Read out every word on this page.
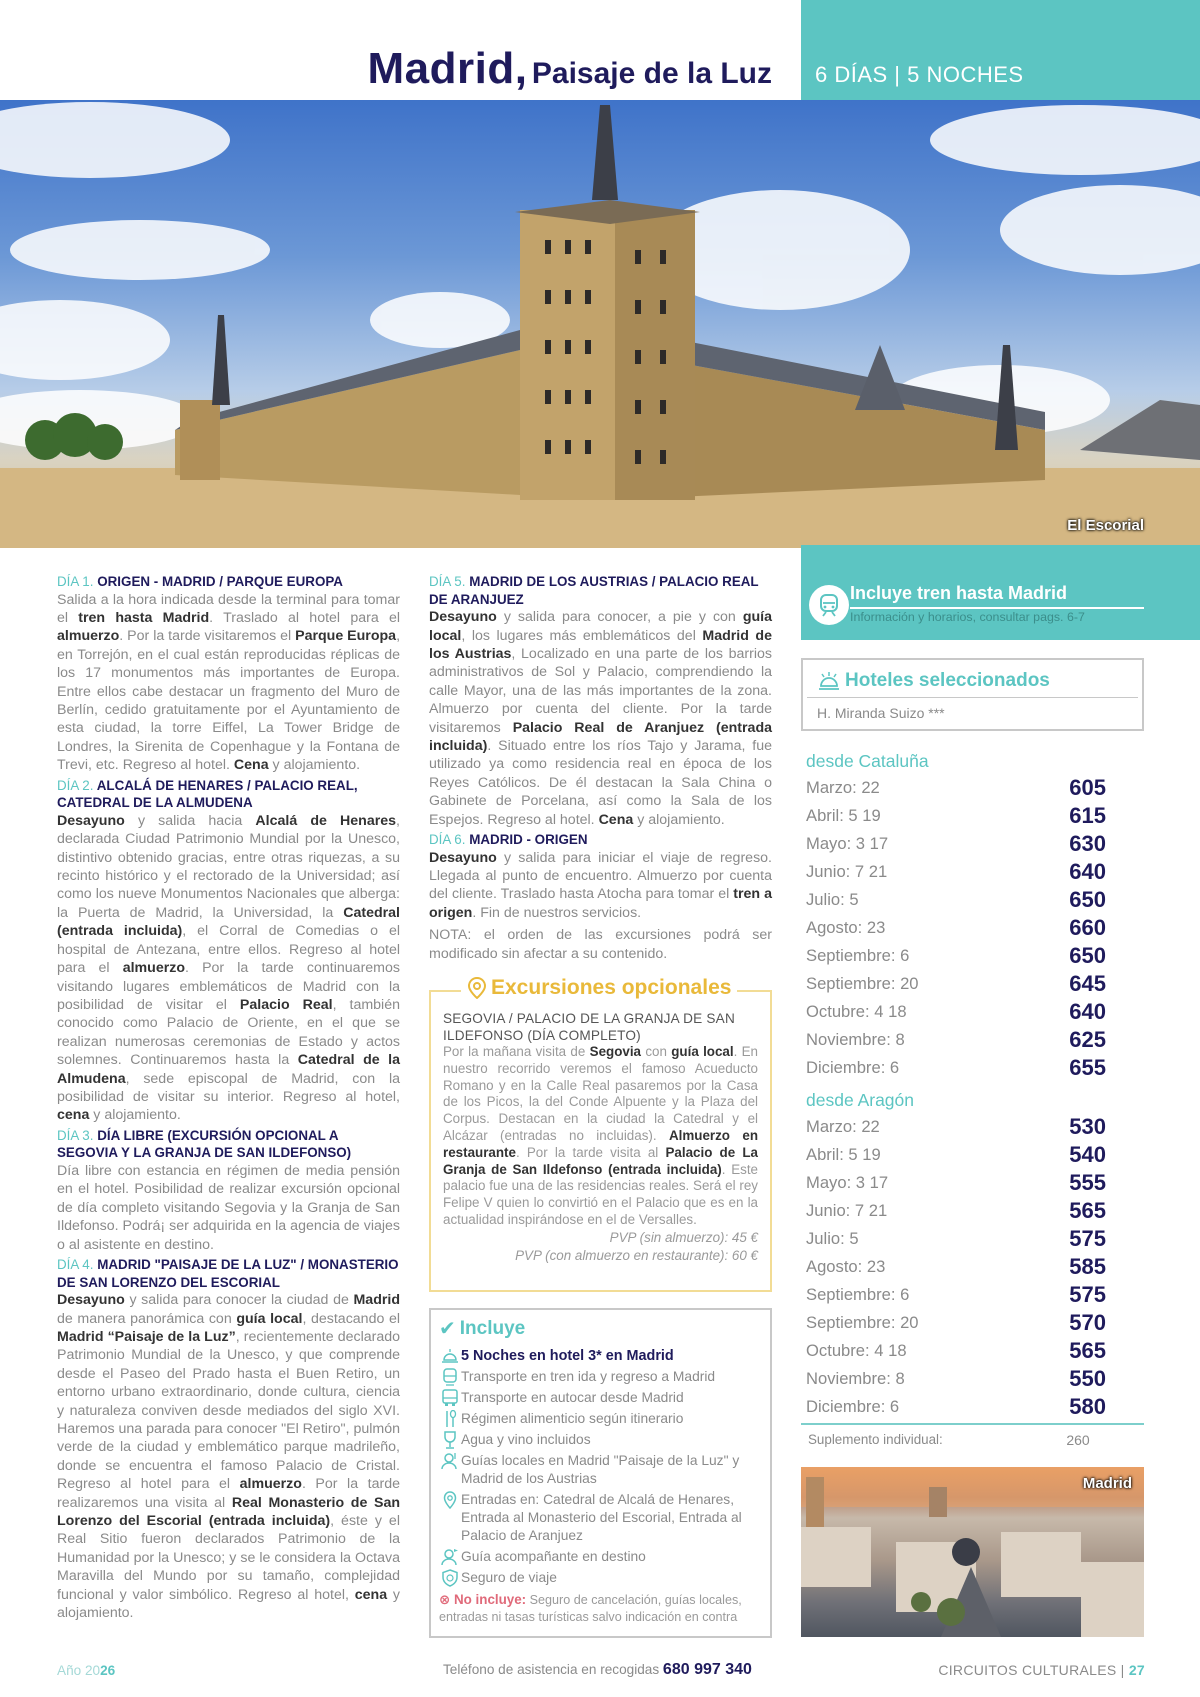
Madrid, Paisaje de la Luz 6 DÍAS | 5 NOCHES
El Escorial
DÍA 1. ORIGEN - MADRID / PARQUE EUROPA

Salida a la hora indicada desde la terminal para tomar el tren hasta Madrid. Traslado al hotel para el almuerzo. Por la tarde visitaremos el Parque Europa, en Torrejón, en el cual están reproducidas réplicas de los 17 monumentos más importantes de Europa. Entre ellos cabe destacar un fragmento del Muro de Berlín, cedido gratuitamente por el Ayuntamiento de esta ciudad, la torre Eiffel, La Tower Bridge de Londres, la Sirenita de Copenhague y la Fontana de Trevi, etc. Regreso al hotel. Cena y alojamiento.

DÍA 2. ALCALÁ DE HENARES / PALACIO REAL, CATEDRAL DE LA ALMUDENA

Desayuno y salida hacia Alcalá de Henares, declarada Ciudad Patrimonio Mundial por la Unesco, distintivo obtenido gracias, entre otras riquezas, a su recinto histórico y el rectorado de la Universidad; así como los nueve Monumentos Nacionales que alberga: la Puerta de Madrid, la Universidad, la Catedral (entrada incluida), el Corral de Comedias o el hospital de Antezana, entre ellos. Regreso al hotel para el almuerzo. Por la tarde continuaremos visitando lugares emblemáticos de Madrid con la posibilidad de visitar el Palacio Real, también conocido como Palacio de Oriente, en el que se realizan numerosas ceremonias de Estado y actos solemnes. Continuaremos hasta la Catedral de la Almudena, sede episcopal de Madrid, con la posibilidad de visitar su interior. Regreso al hotel, cena y alojamiento.

DÍA 3. DÍA LIBRE (EXCURSIÓN OPCIONAL A SEGOVIA Y LA GRANJA DE SAN ILDEFONSO)

Día libre con estancia en régimen de media pensión en el hotel. Posibilidad de realizar excursión opcional de día completo visitando Segovia y la Granja de San Ildefonso. Podrá¡ ser adquirida en la agencia de viajes o al asistente en destino.

DÍA 4. MADRID "PAISAJE DE LA LUZ" / MONASTERIO DE SAN LORENZO DEL ESCORIAL

Desayuno y salida para conocer la ciudad de Madrid de manera panorámica con guía local, destacando el Madrid “Paisaje de la Luz”, recientemente declarado Patrimonio Mundial de la Unesco, y que comprende desde el Paseo del Prado hasta el Buen Retiro, un entorno urbano extraordinario, donde cultura, ciencia y naturaleza conviven desde mediados del siglo XVI. Haremos una parada para conocer "El Retiro", pulmón verde de la ciudad y emblemático parque madrileño, donde se encuentra el famoso Palacio de Cristal. Regreso al hotel para el almuerzo. Por la tarde realizaremos una visita al Real Monasterio de San Lorenzo del Escorial (entrada incluida), éste y el Real Sitio fueron declarados Patrimonio de la Humanidad por la Unesco; y se le considera la Octava Maravilla del Mundo por su tamaño, complejidad funcional y valor simbólico. Regreso al hotel, cena y alojamiento.

DÍA 5. MADRID DE LOS AUSTRIAS / PALACIO REAL DE ARANJUEZ

Desayuno y salida para conocer, a pie y con guía local, los lugares más emblemáticos del Madrid de los Austrias, Localizado en una parte de los barrios administrativos de Sol y Palacio, comprendiendo la calle Mayor, una de las más importantes de la zona. Almuerzo por cuenta del cliente. Por la tarde visitaremos Palacio Real de Aranjuez (entrada incluida). Situado entre los ríos Tajo y Jarama, fue utilizado ya como residencia real en época de los Reyes Católicos. De él destacan la Sala China o Gabinete de Porcelana, así como la Sala de los Espejos. Regreso al hotel. Cena y alojamiento.

DÍA 6. MADRID - ORIGEN

Desayuno y salida para iniciar el viaje de regreso. Llegada al punto de encuentro. Almuerzo por cuenta del cliente. Traslado hasta Atocha para tomar el tren a origen. Fin de nuestros servicios.

NOTA: el orden de las excursiones podrá ser modificado sin afectar a su contenido.

Excursiones opcionales
SEGOVIA / PALACIO DE LA GRANJA DE SAN ILDEFONSO (DÍA COMPLETO)

Por la mañana visita de Segovia con guía local. En nuestro recorrido veremos el famoso Acueducto Romano y en la Calle Real pasaremos por la Casa de los Picos, la del Conde Alpuente y la Plaza del Corpus. Destacan en la ciudad la Catedral y el Alcázar (entradas no incluidas). Almuerzo en restaurante. Por la tarde visita al Palacio de La Granja de San Ildefonso (entrada incluida). Este palacio fue una de las residencias reales. Será el rey Felipe V quien lo convirtió en el Palacio que es en la actualidad inspirándose en el de Versalles.

PVP (sin almuerzo): 45 €
PVP (con almuerzo en restaurante): 60 €
✔ Incluye
5 Noches en hotel 3* en Madrid
Transporte en tren ida y regreso a Madrid
Transporte en autocar desde Madrid
Régimen alimenticio según itinerario
Agua y vino incluidos
Guías locales en Madrid "Paisaje de la Luz" y Madrid de los Austrias
Entradas en: Catedral de Alcalá de Henares, Entrada al Monasterio del Escorial, Entrada al Palacio de Aranjuez
Guía acompañante en destino
Seguro de viaje
⊗ No incluye: Seguro de cancelación, guías locales, entradas ni tasas turísticas salvo indicación en contra
Incluye tren hasta Madrid
Información y horarios, consultar pags. 6-7
Hoteles seleccionados
H. Miranda Suizo ***
desde Cataluña
Marzo: 22	605
Abril: 5 19	615
Mayo: 3 17	630
Junio: 7 21	640
Julio: 5	650
Agosto: 23	660
Septiembre: 6	650
Septiembre: 20	645
Octubre: 4 18	640
Noviembre: 8	625
Diciembre: 6	655
desde Aragón
Marzo: 22	530
Abril: 5 19	540
Mayo: 3 17	555
Junio: 7 21	565
Julio: 5	575
Agosto: 23	585
Septiembre: 6	575
Septiembre: 20	570
Octubre: 4 18	565
Noviembre: 8	550
Diciembre: 6	580
Suplemento individual:	260
Madrid
Año 2026	Teléfono de asistencia en recogidas 680 997 340	CIRCUITOS CULTURALES | 27
